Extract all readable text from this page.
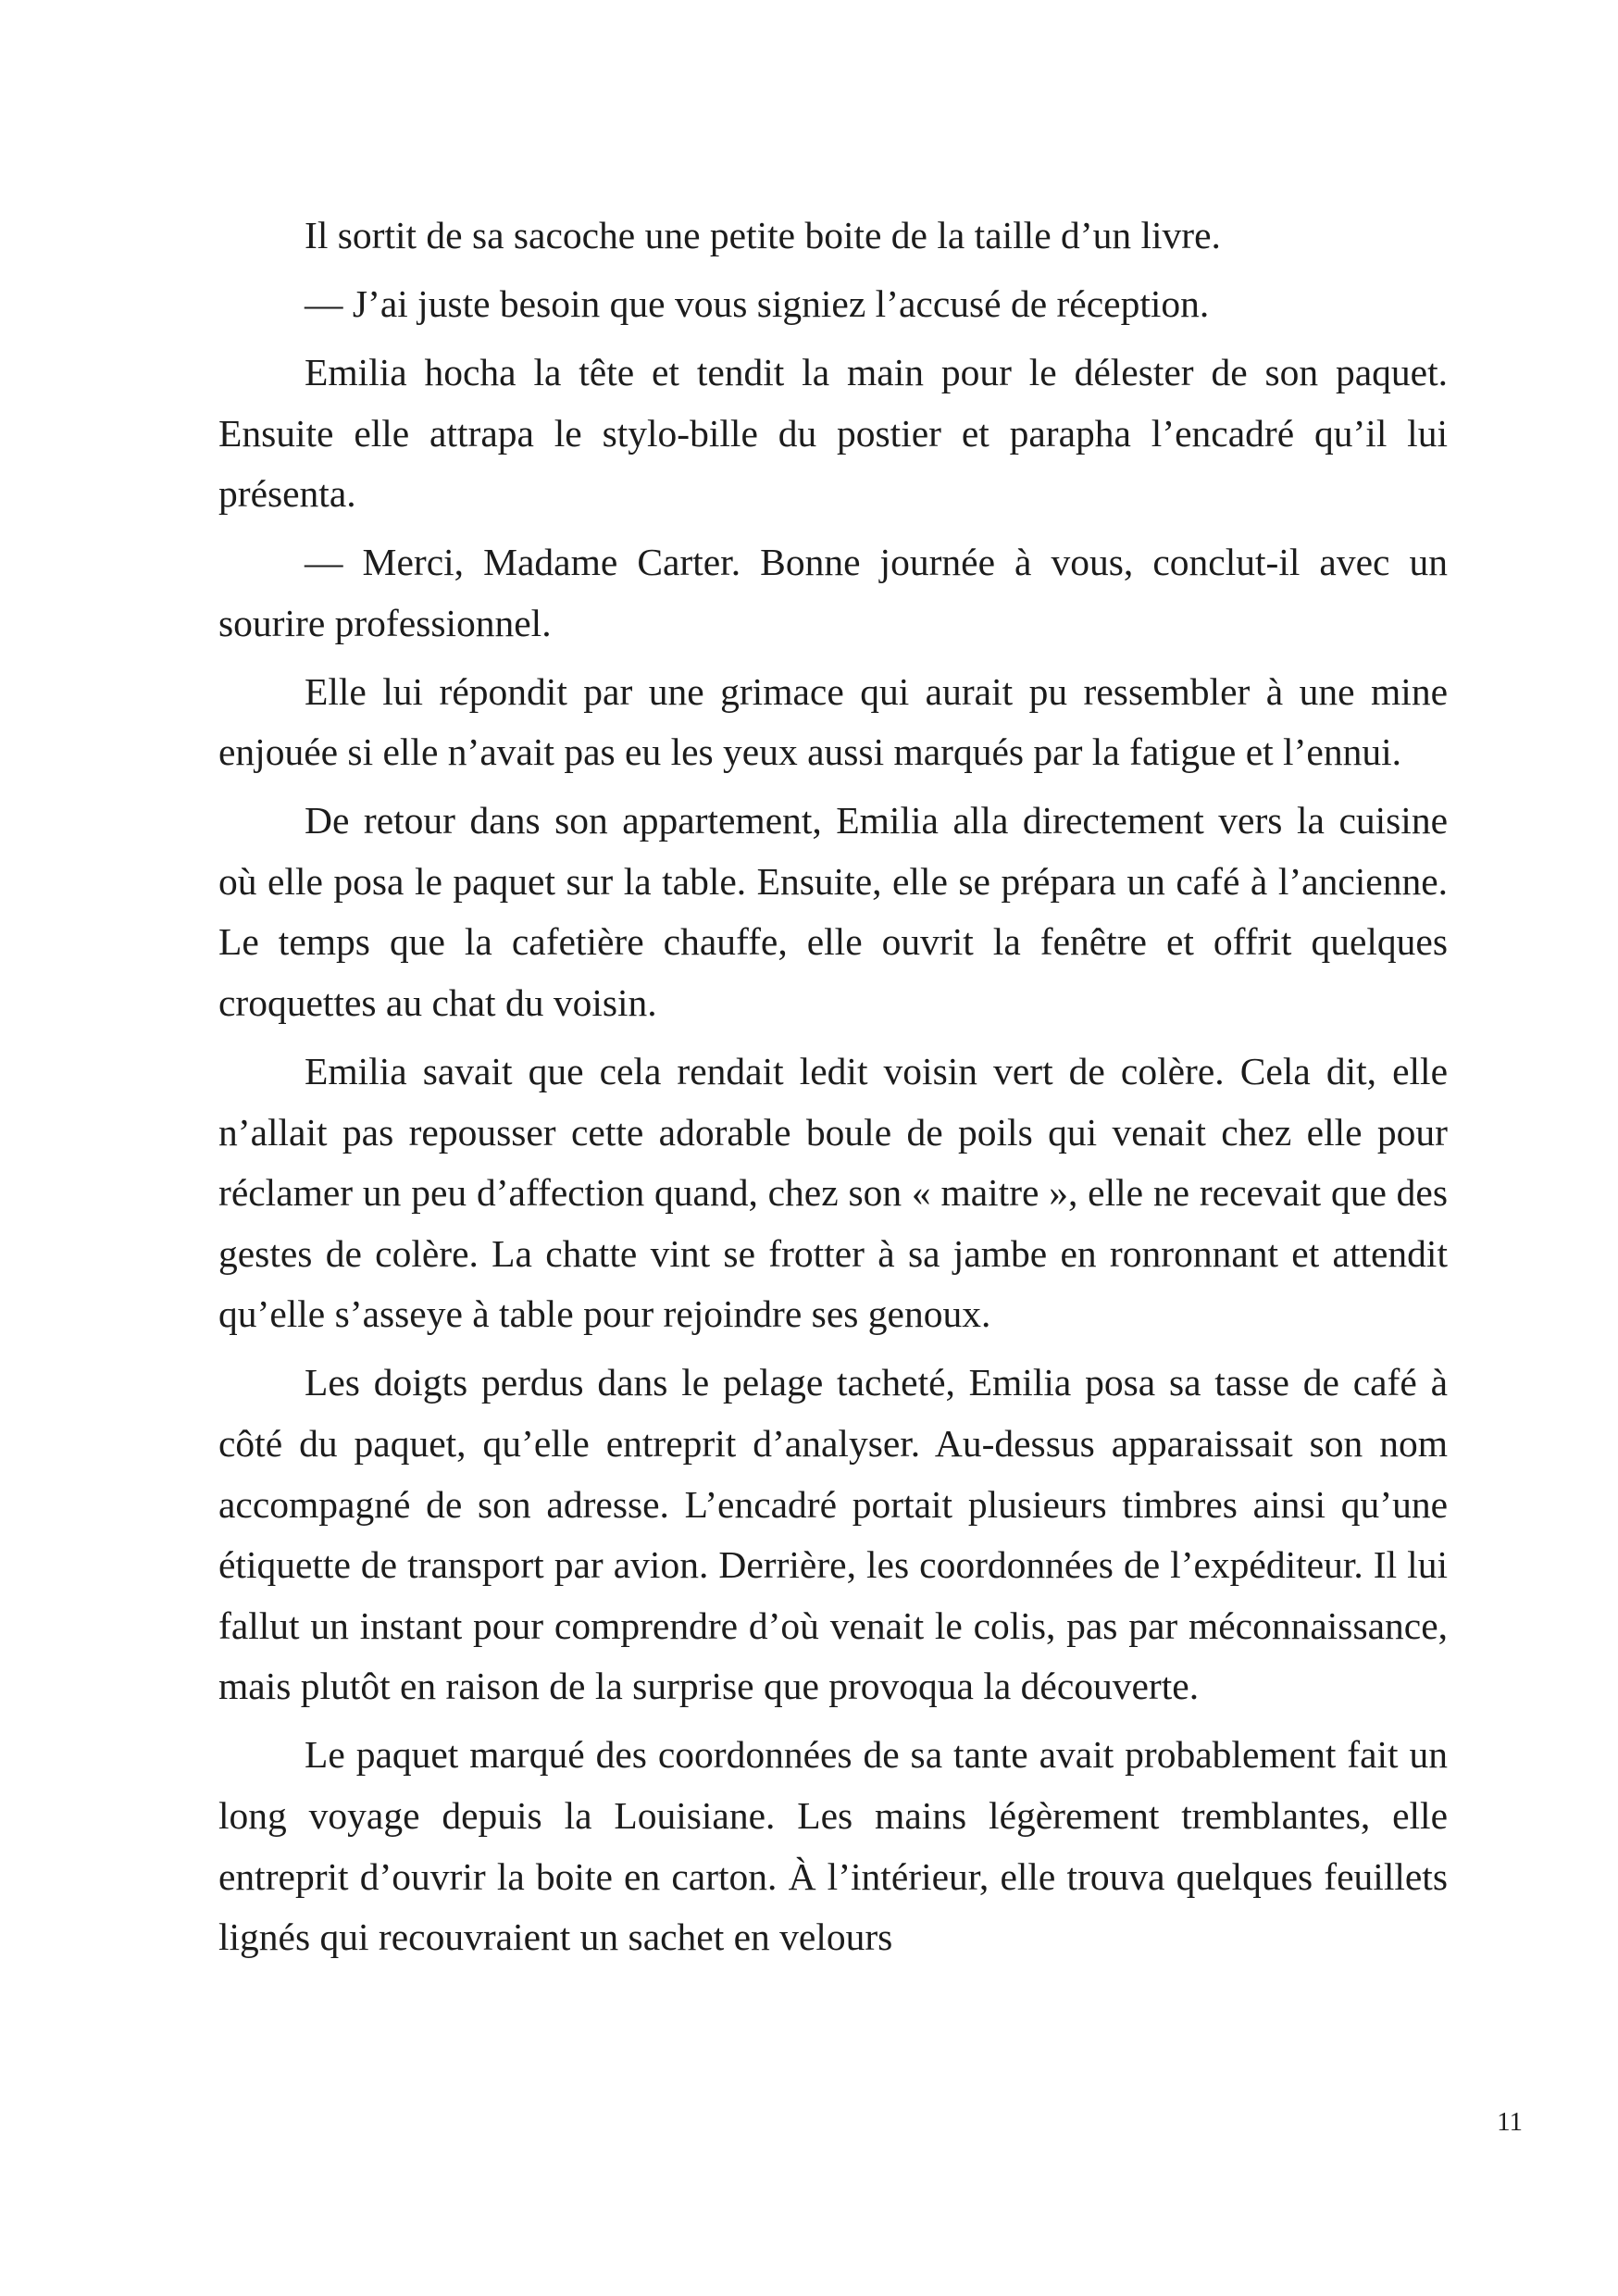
Il sortit de sa sacoche une petite boite de la taille d’un livre.

— J’ai juste besoin que vous signiez l’accusé de réception.

Emilia hocha la tête et tendit la main pour le délester de son paquet. Ensuite elle attrapa le stylo-bille du postier et parapha l’encadré qu’il lui présenta.

— Merci, Madame Carter. Bonne journée à vous, conclut-il avec un sourire professionnel.

Elle lui répondit par une grimace qui aurait pu ressembler à une mine enjouée si elle n’avait pas eu les yeux aussi marqués par la fatigue et l’ennui.

De retour dans son appartement, Emilia alla directement vers la cuisine où elle posa le paquet sur la table. Ensuite, elle se prépara un café à l’ancienne. Le temps que la cafetière chauffe, elle ouvrit la fenêtre et offrit quelques croquettes au chat du voisin.

Emilia savait que cela rendait ledit voisin vert de colère. Cela dit, elle n’allait pas repousser cette adorable boule de poils qui venait chez elle pour réclamer un peu d’affection quand, chez son « maitre », elle ne recevait que des gestes de colère. La chatte vint se frotter à sa jambe en ronronnant et attendit qu’elle s’asseye à table pour rejoindre ses genoux.

Les doigts perdus dans le pelage tacheté, Emilia posa sa tasse de café à côté du paquet, qu’elle entreprit d’analyser. Au-dessus apparaissait son nom accompagné de son adresse. L’encadré portait plusieurs timbres ainsi qu’une étiquette de transport par avion. Derrière, les coordonnées de l’expéditeur. Il lui fallut un instant pour comprendre d’où venait le colis, pas par méconnaissance, mais plutôt en raison de la surprise que provoqua la découverte.

Le paquet marqué des coordonnées de sa tante avait probablement fait un long voyage depuis la Louisiane. Les mains légèrement tremblantes, elle entreprit d’ouvrir la boite en carton. À l’intérieur, elle trouva quelques feuillets lignés qui recouvraient un sachet en velours

11
